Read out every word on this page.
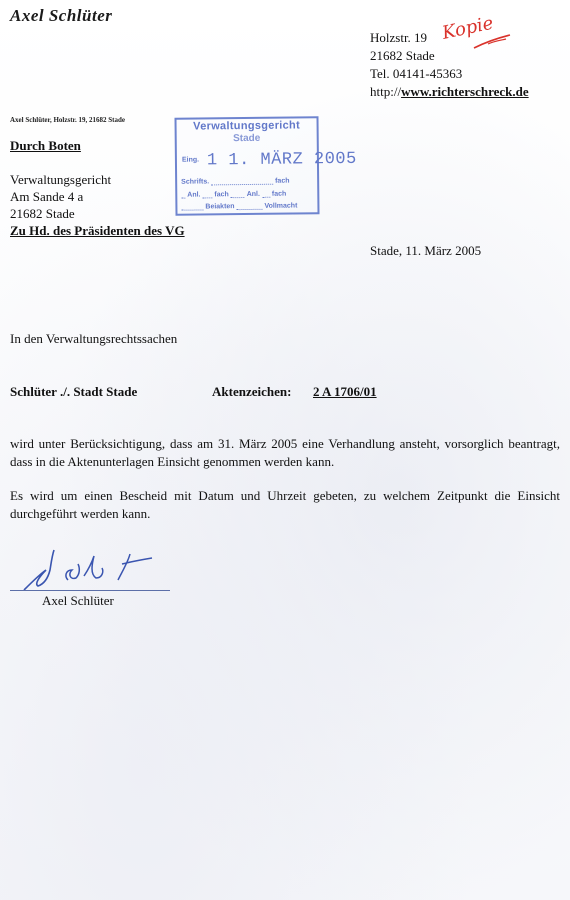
Axel Schlüter
Holzstr. 19
21682 Stade
Tel. 04141-45363
http://www.richterschreck.de
Kopie
Axel Schlüter, Holzstr. 19, 21682 Stade
Durch Boten
Verwaltungsgericht
Am Sande 4 a
21682 Stade
Zu Hd. des Präsidenten des VG
Verwaltungsgericht
Stade
Eing. 1 1. MÄRZ 2005
Schrifts.	fach
Anl. fach	Anl. fach
Beiakten	Vollmacht
Stade, 11. März 2005
In den Verwaltungsrechtssachen
Schlüter ./. Stadt Stade	Aktenzeichen: 2 A 1706/01
wird unter Berücksichtigung, dass am 31. März 2005 eine Verhandlung ansteht, vorsorglich beantragt, dass in die Aktenunterlagen Einsicht genommen werden kann.
Es wird um einen Bescheid mit Datum und Uhrzeit gebeten, zu welchem Zeitpunkt die Einsicht durchgeführt werden kann.
Axel Schlüter
